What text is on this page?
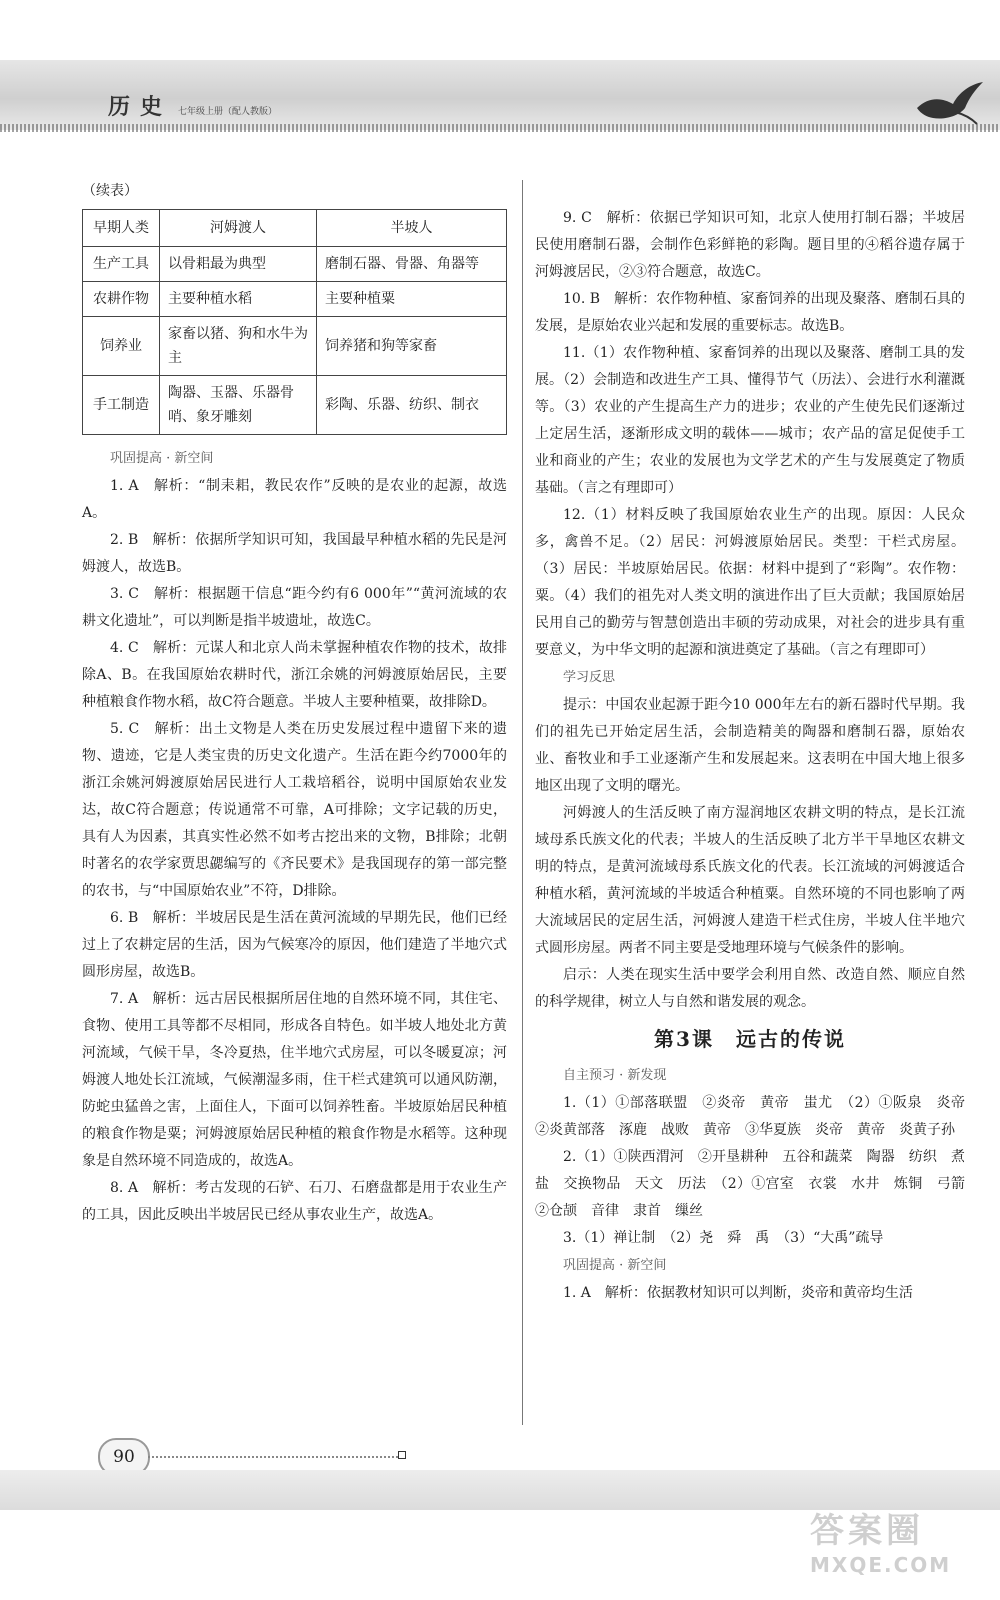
历史 七年级上册（配人教版）
（续表）
早期人类	河姆渡人	半坡人
生产工具	以骨耜最为典型	磨制石器、骨器、角器等
农耕作物	主要种植水稻	主要种植粟
饲养业	家畜以猪、狗和水牛为主	饲养猪和狗等家畜
手工制造	陶器、玉器、乐器骨哨、象牙雕刻	彩陶、乐器、纺织、制衣
巩固提高 · 新空间

1. A　解析：“制耒耜，教民农作”反映的是农业的起源，故选A。

2. B　解析：依据所学知识可知，我国最早种植水稻的先民是河姆渡人，故选B。

3. C　解析：根据题干信息“距今约有6 000年”“黄河流域的农耕文化遗址”，可以判断是指半坡遗址，故选C。

4. C　解析：元谋人和北京人尚未掌握种植农作物的技术，故排除A、B。在我国原始农耕时代，浙江余姚的河姆渡原始居民，主要种植粮食作物水稻，故C符合题意。半坡人主要种植粟，故排除D。

5. C　解析：出土文物是人类在历史发展过程中遗留下来的遗物、遗迹，它是人类宝贵的历史文化遗产。生活在距今约7000年的浙江余姚河姆渡原始居民进行人工栽培稻谷，说明中国原始农业发达，故C符合题意；传说通常不可靠，A可排除；文字记载的历史，具有人为因素，其真实性必然不如考古挖出来的文物，B排除；北朝时著名的农学家贾思勰编写的《齐民要术》是我国现存的第一部完整的农书，与“中国原始农业”不符，D排除。

6. B　解析：半坡居民是生活在黄河流域的早期先民，他们已经过上了农耕定居的生活，因为气候寒冷的原因，他们建造了半地穴式圆形房屋，故选B。

7. A　解析：远古居民根据所居住地的自然环境不同，其住宅、食物、使用工具等都不尽相同，形成各自特色。如半坡人地处北方黄河流域，气候干旱，冬冷夏热，住半地穴式房屋，可以冬暖夏凉；河姆渡人地处长江流域，气候潮湿多雨，住干栏式建筑可以通风防潮，防蛇虫猛兽之害，上面住人，下面可以饲养牲畜。半坡原始居民种植的粮食作物是粟；河姆渡原始居民种植的粮食作物是水稻等。这种现象是自然环境不同造成的，故选A。

8. A　解析：考古发现的石铲、石刀、石磨盘都是用于农业生产的工具，因此反映出半坡居民已经从事农业生产，故选A。

9. C　解析：依据已学知识可知，北京人使用打制石器；半坡居民使用磨制石器，会制作色彩鲜艳的彩陶。题目里的④稻谷遗存属于河姆渡居民，②③符合题意，故选C。

10. B　解析：农作物种植、家畜饲养的出现及聚落、磨制石具的发展，是原始农业兴起和发展的重要标志。故选B。

11.（1）农作物种植、家畜饲养的出现以及聚落、磨制工具的发展。（2）会制造和改进生产工具、懂得节气（历法）、会进行水利灌溉等。（3）农业的产生提高生产力的进步；农业的产生使先民们逐渐过上定居生活，逐渐形成文明的载体——城市；农产品的富足促使手工业和商业的产生；农业的发展也为文学艺术的产生与发展奠定了物质基础。（言之有理即可）

12.（1）材料反映了我国原始农业生产的出现。原因：人民众多，禽兽不足。（2）居民：河姆渡原始居民。类型：干栏式房屋。（3）居民：半坡原始居民。依据：材料中提到了“彩陶”。农作物：粟。（4）我们的祖先对人类文明的演进作出了巨大贡献；我国原始居民用自己的勤劳与智慧创造出丰硕的劳动成果，对社会的进步具有重要意义，为中华文明的起源和演进奠定了基础。（言之有理即可）

学习反思

提示：中国农业起源于距今10 000年左右的新石器时代早期。我们的祖先已开始定居生活，会制造精美的陶器和磨制石器，原始农业、畜牧业和手工业逐渐产生和发展起来。这表明在中国大地上很多地区出现了文明的曙光。

河姆渡人的生活反映了南方湿润地区农耕文明的特点，是长江流域母系氏族文化的代表；半坡人的生活反映了北方半干旱地区农耕文明的特点，是黄河流域母系氏族文化的代表。长江流域的河姆渡适合种植水稻，黄河流域的半坡适合种植粟。自然环境的不同也影响了两大流域居民的定居生活，河姆渡人建造干栏式住房，半坡人住半地穴式圆形房屋。两者不同主要是受地理环境与气候条件的影响。

启示：人类在现实生活中要学会利用自然、改造自然、顺应自然的科学规律，树立人与自然和谐发展的观念。

第3课　远古的传说
自主预习 · 新发现

1.（1）①部落联盟　②炎帝　黄帝　蚩尤　（2）①阪泉　炎帝　②炎黄部落　涿鹿　战败　黄帝　③华夏族　炎帝　黄帝　炎黄子孙

2.（1）①陕西渭河　②开垦耕种　五谷和蔬菜　陶器　纺织　煮盐　交换物品　天文　历法　（2）①宫室　衣裳　水井　炼铜　弓箭　②仓颉　音律　隶首　缫丝

3.（1）禅让制　（2）尧　舜　禹　（3）“大禹”疏导

巩固提高 · 新空间

1. A　解析：依据教材知识可以判断，炎帝和黄帝均生活

90
答案圈
MXQE.COM
